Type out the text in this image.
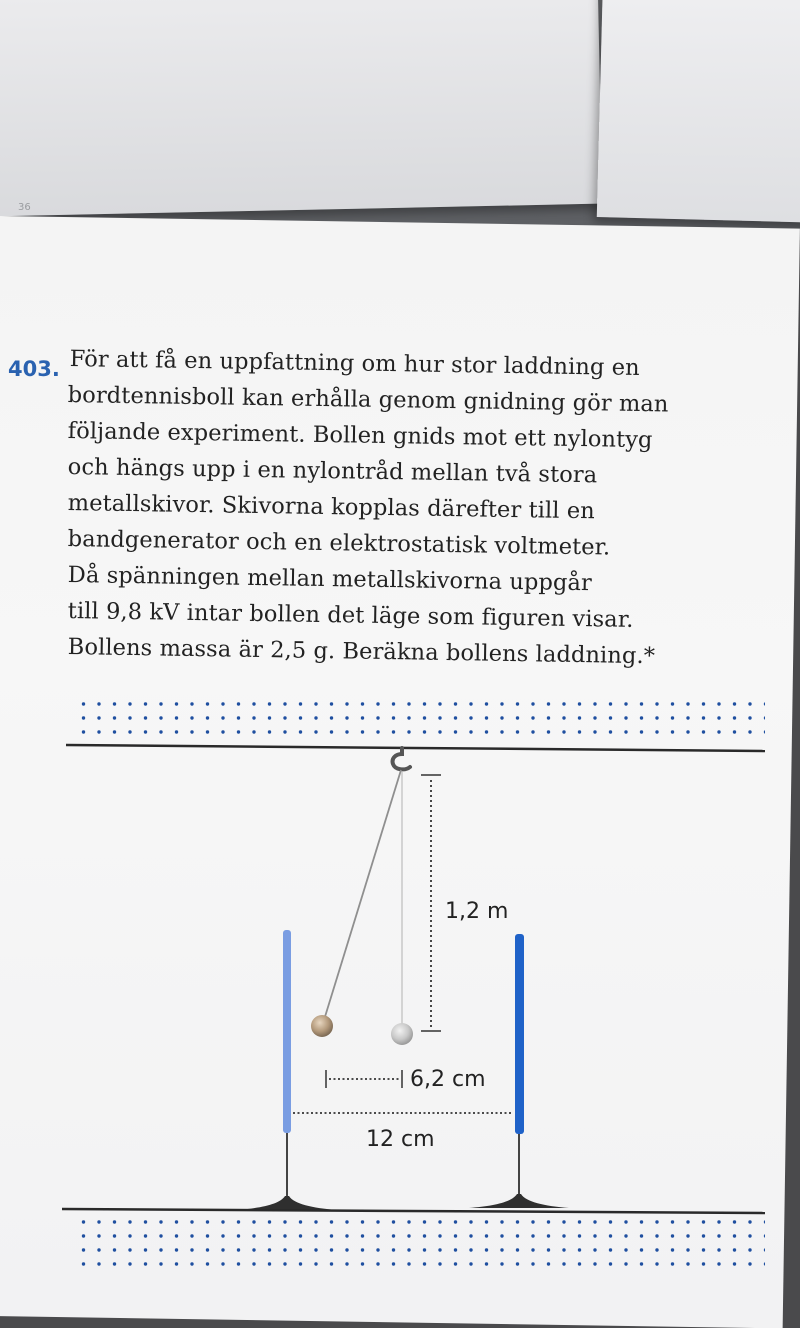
36
403. För att få en uppfattning om hur stor laddning en
bordtennisboll kan erhålla genom gnidning gör man
följande experiment. Bollen gnids mot ett nylontyg
och hängs upp i en nylontråd mellan två stora
metallskivor. Skivorna kopplas därefter till en
bandgenerator och en elektrostatisk voltmeter.
Då spänningen mellan metallskivorna uppgår
till 9,8 kV intar bollen det läge som figuren visar.
Bollens massa är 2,5 g. Beräkna bollens laddning.*
1,2 m
6,2 cm
12 cm
